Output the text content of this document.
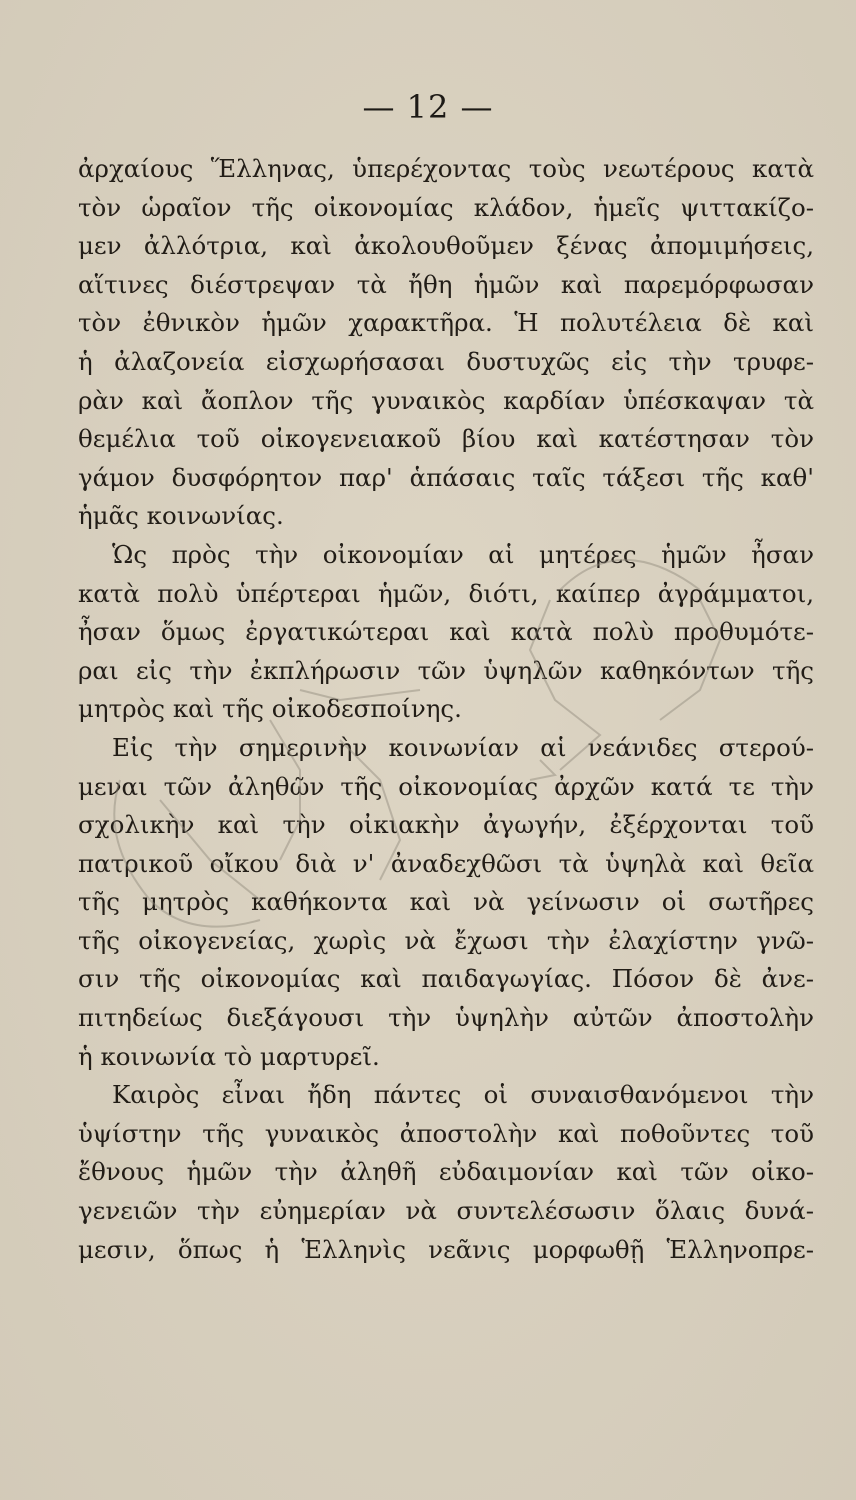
— 12 —
ἀρχαίους Ἕλληνας, ὑπερέχοντας τοὺς νεωτέρους κατὰ
τὸν ὡραῖον τῆς οἰκονομίας κλάδον, ἡμεῖς ψιττακίζο-
μεν ἀλλότρια, καὶ ἀκολουθοῦμεν ξένας ἀπομιμήσεις,
αἵτινες διέστρεψαν τὰ ἤθη ἡμῶν καὶ παρεμόρφωσαν
τὸν ἐθνικὸν ἡμῶν χαρακτῆρα. Ἡ πολυτέλεια δὲ καὶ
ἡ ἀλαζονεία εἰσχωρήσασαι δυστυχῶς εἰς τὴν τρυφε-
ρὰν καὶ ἄοπλον τῆς γυναικὸς καρδίαν ὑπέσκαψαν τὰ
θεμέλια τοῦ οἰκογενειακοῦ βίου καὶ κατέστησαν τὸν
γάμον δυσφόρητον παρ' ἁπάσαις ταῖς τάξεσι τῆς καθ'
ἡμᾶς κοινωνίας.
Ὡς πρὸς τὴν οἰκονομίαν αἱ μητέρες ἡμῶν ἦσαν
κατὰ πολὺ ὑπέρτεραι ἡμῶν, διότι, καίπερ ἀγράμματοι,
ἦσαν ὅμως ἐργατικώτεραι καὶ κατὰ πολὺ προθυμότε-
ραι εἰς τὴν ἐκπλήρωσιν τῶν ὑψηλῶν καθηκόντων τῆς
μητρὸς καὶ τῆς οἰκοδεσποίνης.
Εἰς τὴν σημερινὴν κοινωνίαν αἱ νεάνιδες στερού-
μεναι τῶν ἀληθῶν τῆς οἰκονομίας ἀρχῶν κατά τε τὴν
σχολικὴν καὶ τὴν οἰκιακὴν ἀγωγήν, ἐξέρχονται τοῦ
πατρικοῦ οἴκου διὰ ν' ἀναδεχθῶσι τὰ ὑψηλὰ καὶ θεῖα
τῆς μητρὸς καθήκοντα καὶ νὰ γείνωσιν οἱ σωτῆρες
τῆς οἰκογενείας, χωρὶς νὰ ἔχωσι τὴν ἐλαχίστην γνῶ-
σιν τῆς οἰκονομίας καὶ παιδαγωγίας. Πόσον δὲ ἀνε-
πιτηδείως διεξάγουσι τὴν ὑψηλὴν αὐτῶν ἀποστολὴν
ἡ κοινωνία τὸ μαρτυρεῖ.
Καιρὸς εἶναι ἤδη πάντες οἱ συναισθανόμενοι τὴν
ὑψίστην τῆς γυναικὸς ἀποστολὴν καὶ ποθοῦντες τοῦ
ἔθνους ἡμῶν τὴν ἀληθῆ εὐδαιμονίαν καὶ τῶν οἰκο-
γενειῶν τὴν εὐημερίαν νὰ συντελέσωσιν ὅλαις δυνά-
μεσιν, ὅπως ἡ Ἑλληνὶς νεᾶνις μορφωθῇ Ἑλληνοπρε-
